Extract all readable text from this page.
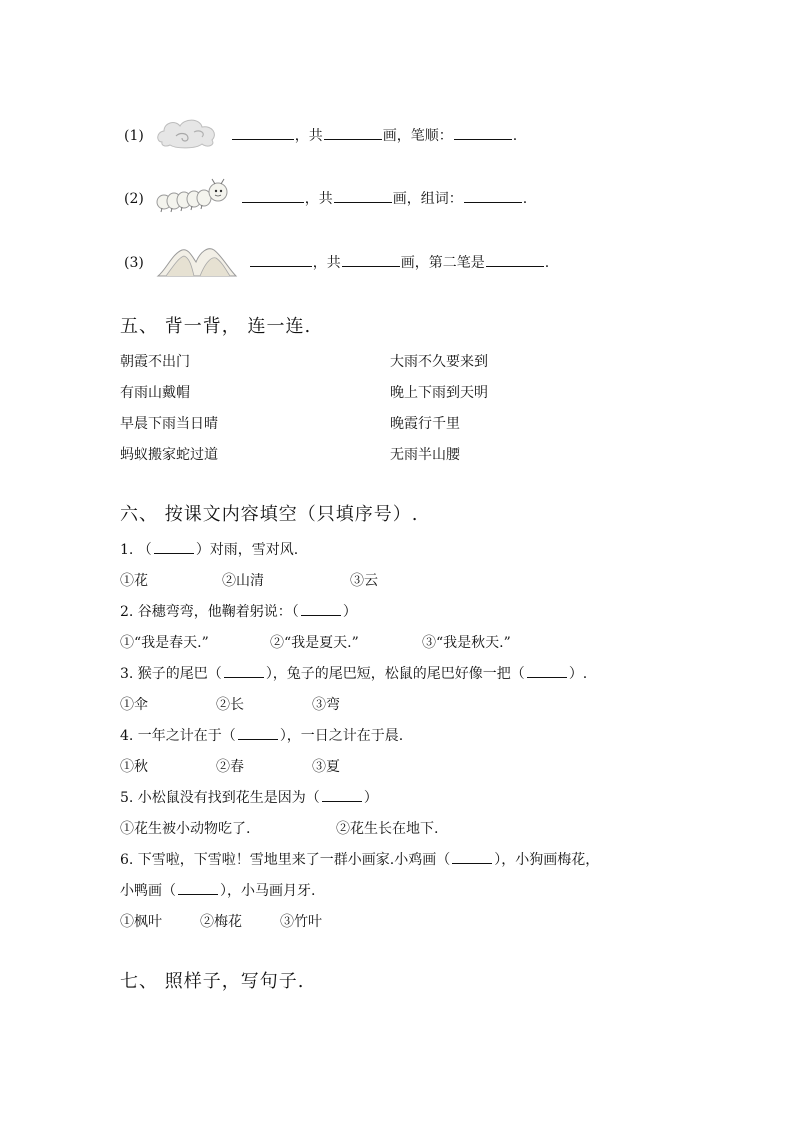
(1)	，共	画，笔顺：	.
(2)	，共	画，组词：	.
(3)	，共	画，第二笔是	.
五、 背一背， 连一连.
朝霞不出门	大雨不久要来到
有雨山戴帽	晚上下雨到天明
早晨下雨当日晴	晚霞行千里
蚂蚁搬家蛇过道	无雨半山腰
六、 按课文内容填空（只填序号）.
1. （	）对雨，雪对风.
①花	②山清	③云
2. 谷穗弯弯，他鞠着躬说：（	）
①“我是春天.”	②“我是夏天.”	③“我是秋天.”
3. 猴子的尾巴（	），兔子的尾巴短，松鼠的尾巴好像一把（	）.
①伞	②长	③弯
4. 一年之计在于（	），一日之计在于晨.
①秋	②春	③夏
5. 小松鼠没有找到花生是因为（	）
①花生被小动物吃了.	②花生长在地下.
6. 下雪啦，下雪啦！雪地里来了一群小画家.小鸡画（	），小狗画梅花，
小鸭画（	），小马画月牙.
①枫叶	②梅花	③竹叶
七、 照样子，写句子.
